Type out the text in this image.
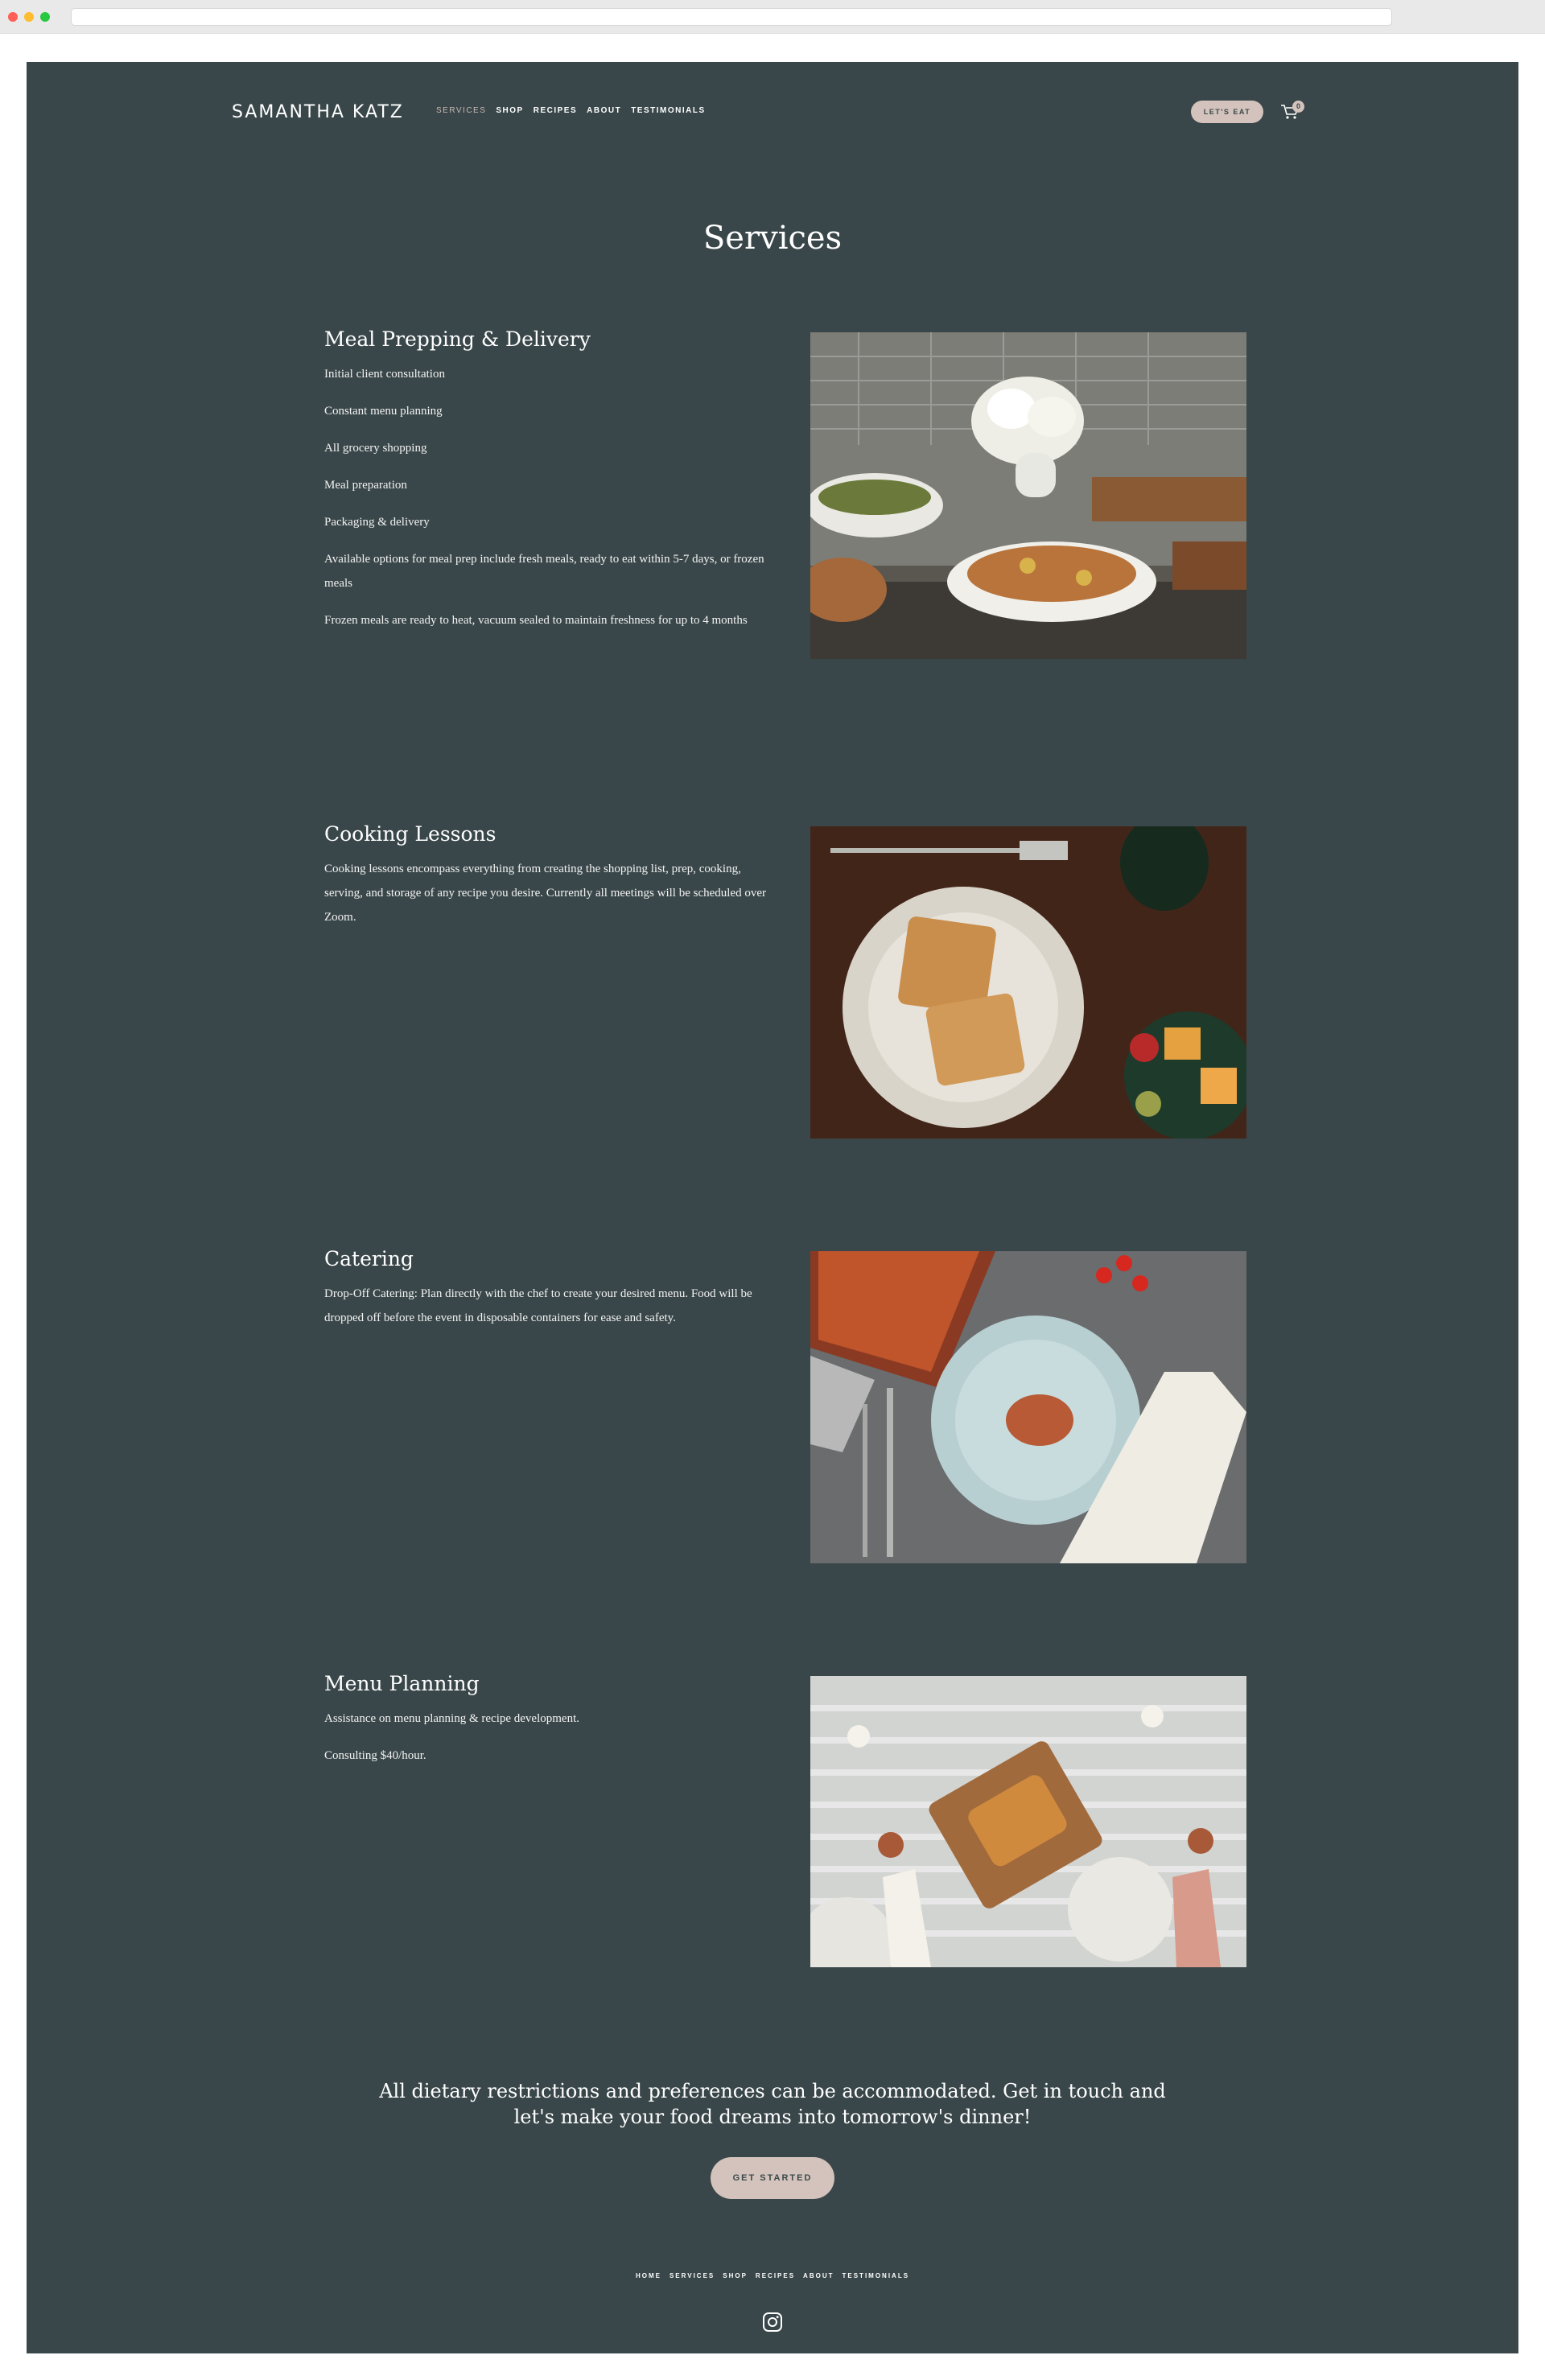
SAMANTHA KATZ	SERVICES SHOP RECIPES ABOUT TESTIMONIALS	LET'S EAT
0
Services
Meal Prepping & Delivery

Initial client consultation

Constant menu planning

All grocery shopping

Meal preparation

Packaging & delivery

Available options for meal prep include fresh meals, ready to eat within 5-7 days, or frozen meals

Frozen meals are ready to heat, vacuum sealed to maintain freshness for up to 4 months

Cooking Lessons

Cooking lessons encompass everything from creating the shopping list, prep, cooking, serving, and storage of any recipe you desire. Currently all meetings will be scheduled over Zoom.

Catering

Drop-Off Catering: Plan directly with the chef to create your desired menu. Food will be dropped off before the event in disposable containers for ease and safety.

Menu Planning

Assistance on menu planning & recipe development.

Consulting $40/hour.

All dietary restrictions and preferences can be accommodated. Get in touch and let's make your food dreams into tomorrow's dinner!

GET STARTED
HOME SERVICES SHOP RECIPES ABOUT TESTIMONIALS
